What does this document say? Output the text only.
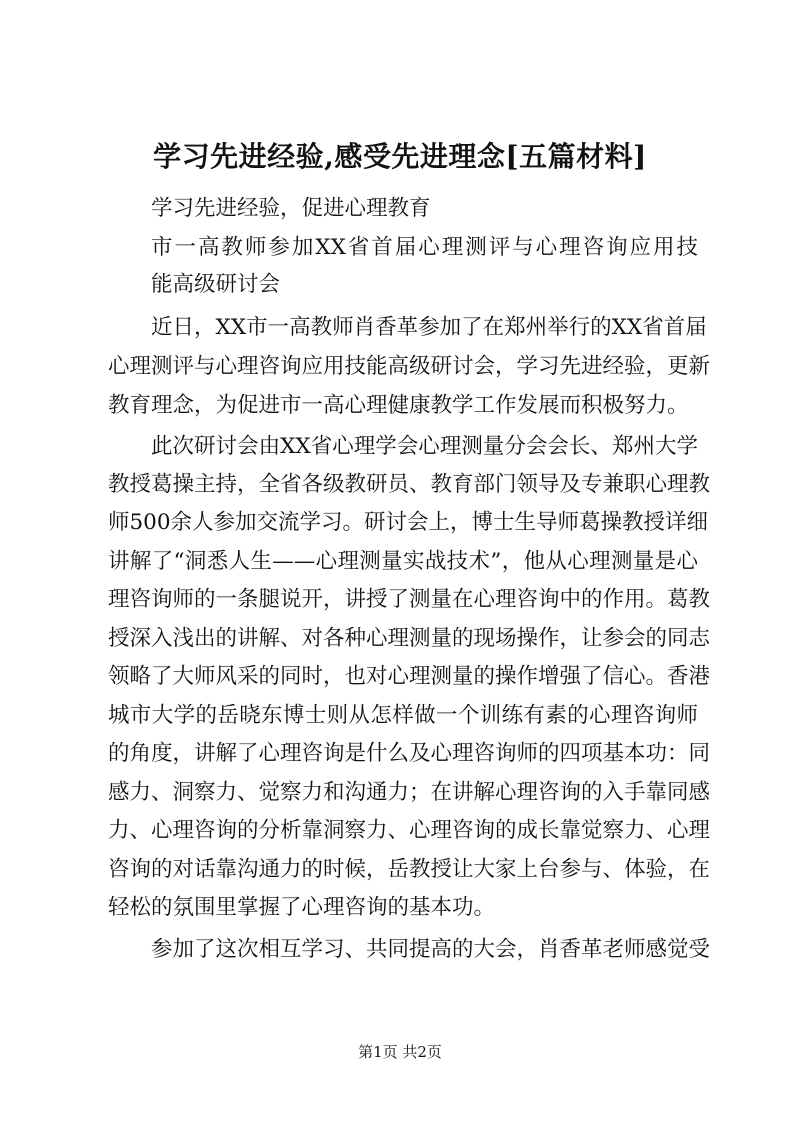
学习先进经验,感受先进理念[五篇材料]
学习先进经验，促进心理教育
市一高教师参加XX省首届心理测评与心理咨询应用技
能高级研讨会
近日，XX市一高教师肖香革参加了在郑州举行的XX省首届
心理测评与心理咨询应用技能高级研讨会，学习先进经验，更新
教育理念，为促进市一高心理健康教学工作发展而积极努力。
此次研讨会由XX省心理学会心理测量分会会长、郑州大学
教授葛操主持，全省各级教研员、教育部门领导及专兼职心理教
师500余人参加交流学习。研讨会上，博士生导师葛操教授详细
讲解了“洞悉人生——心理测量实战技术”，他从心理测量是心
理咨询师的一条腿说开，讲授了测量在心理咨询中的作用。葛教
授深入浅出的讲解、对各种心理测量的现场操作，让参会的同志
领略了大师风采的同时，也对心理测量的操作增强了信心。香港
城市大学的岳晓东博士则从怎样做一个训练有素的心理咨询师
的角度，讲解了心理咨询是什么及心理咨询师的四项基本功：同
感力、洞察力、觉察力和沟通力；在讲解心理咨询的入手靠同感
力、心理咨询的分析靠洞察力、心理咨询的成长靠觉察力、心理
咨询的对话靠沟通力的时候，岳教授让大家上台参与、体验，在
轻松的氛围里掌握了心理咨询的基本功。
参加了这次相互学习、共同提高的大会，肖香革老师感觉受
第1页 共2页
